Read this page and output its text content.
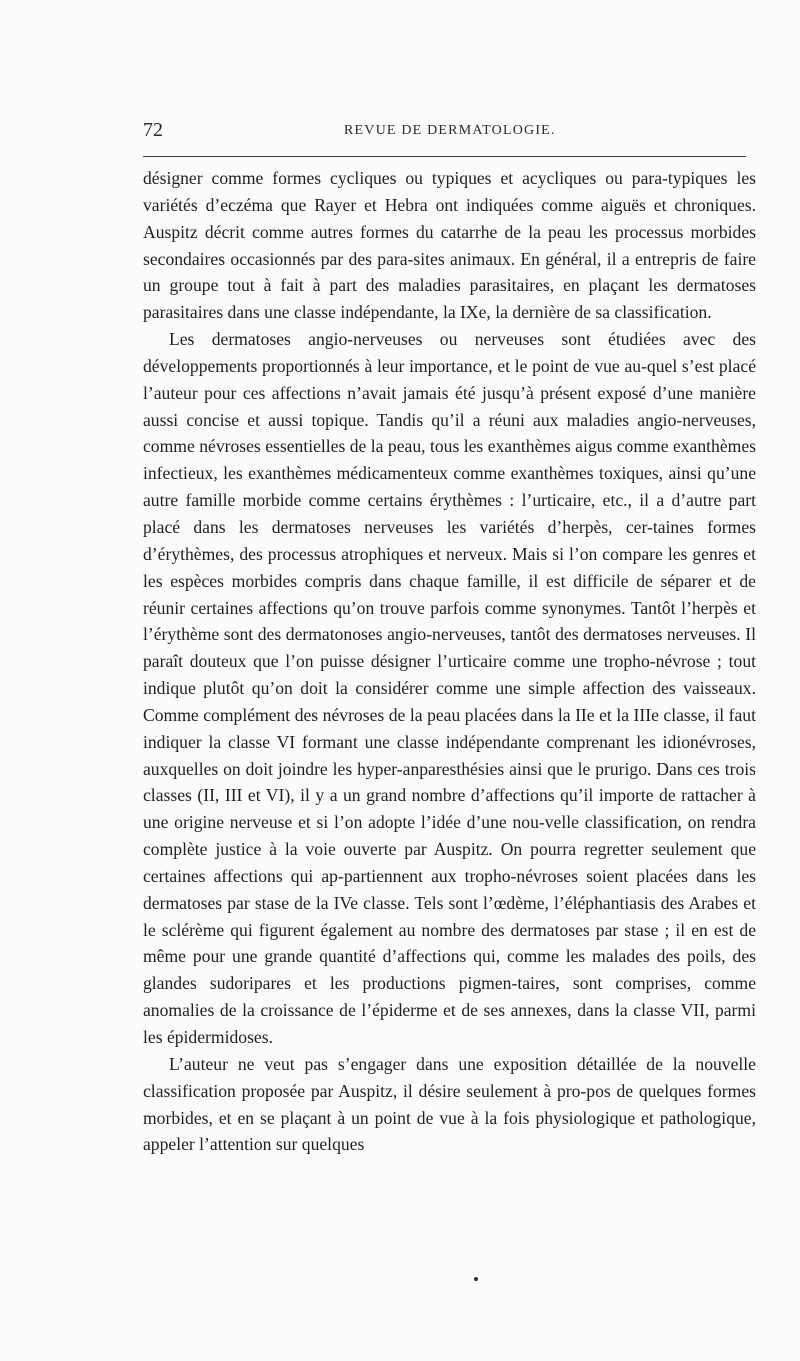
72	REVUE DE DERMATOLOGIE.

désigner comme formes cycliques ou typiques et acycliques ou para-typiques les variétés d’eczéma que Rayer et Hebra ont indiquées comme aiguës et chroniques. Auspitz décrit comme autres formes du catarrhe de la peau les processus morbides secondaires occasionnés par des para-sites animaux. En général, il a entrepris de faire un groupe tout à fait à part des maladies parasitaires, en plaçant les dermatoses parasitaires dans une classe indépendante, la IXe, la dernière de sa classification.

Les dermatoses angio-nerveuses ou nerveuses sont étudiées avec des développements proportionnés à leur importance, et le point de vue au-quel s’est placé l’auteur pour ces affections n’avait jamais été jusqu’à présent exposé d’une manière aussi concise et aussi topique. Tandis qu’il a réuni aux maladies angio-nerveuses, comme névroses essentielles de la peau, tous les exanthèmes aigus comme exanthèmes infectieux, les exanthèmes médicamenteux comme exanthèmes toxiques, ainsi qu’une autre famille morbide comme certains érythèmes : l’urticaire, etc., il a d’autre part placé dans les dermatoses nerveuses les variétés d’herpès, cer-taines formes d’érythèmes, des processus atrophiques et nerveux. Mais si l’on compare les genres et les espèces morbides compris dans chaque famille, il est difficile de séparer et de réunir certaines affections qu’on trouve parfois comme synonymes. Tantôt l’herpès et l’érythème sont des dermatonoses angio-nerveuses, tantôt des dermatoses nerveuses. Il paraît douteux que l’on puisse désigner l’urticaire comme une tropho-névrose ; tout indique plutôt qu’on doit la considérer comme une simple affection des vaisseaux. Comme complément des névroses de la peau placées dans la IIe et la IIIe classe, il faut indiquer la classe VI formant une classe indépendante comprenant les idionévroses, auxquelles on doit joindre les hyper-anparesthésies ainsi que le prurigo. Dans ces trois classes (II, III et VI), il y a un grand nombre d’affections qu’il importe de rattacher à une origine nerveuse et si l’on adopte l’idée d’une nou-velle classification, on rendra complète justice à la voie ouverte par Auspitz. On pourra regretter seulement que certaines affections qui ap-partiennent aux tropho-névroses soient placées dans les dermatoses par stase de la IVe classe. Tels sont l’œdème, l’éléphantiasis des Arabes et le sclérème qui figurent également au nombre des dermatoses par stase ; il en est de même pour une grande quantité d’affections qui, comme les malades des poils, des glandes sudoripares et les productions pigmen-taires, sont comprises, comme anomalies de la croissance de l’épiderme et de ses annexes, dans la classe VII, parmi les épidermidoses.

L’auteur ne veut pas s’engager dans une exposition détaillée de la nouvelle classification proposée par Auspitz, il désire seulement à pro-pos de quelques formes morbides, et en se plaçant à un point de vue à la fois physiologique et pathologique, appeler l’attention sur quelques
